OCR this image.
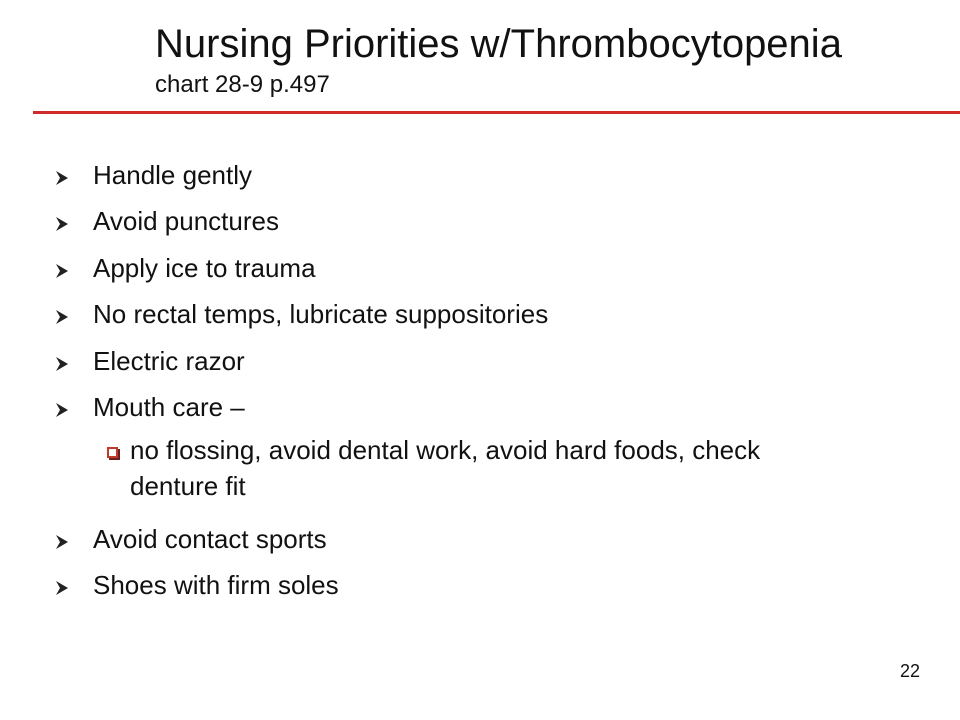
Nursing Priorities w/Thrombocytopenia
chart 28-9 p.497
Handle gently
Avoid punctures
Apply ice to trauma
No rectal temps, lubricate suppositories
Electric razor
Mouth care –
no flossing, avoid dental work, avoid hard foods, check denture fit
Avoid contact sports
Shoes with firm soles
22
